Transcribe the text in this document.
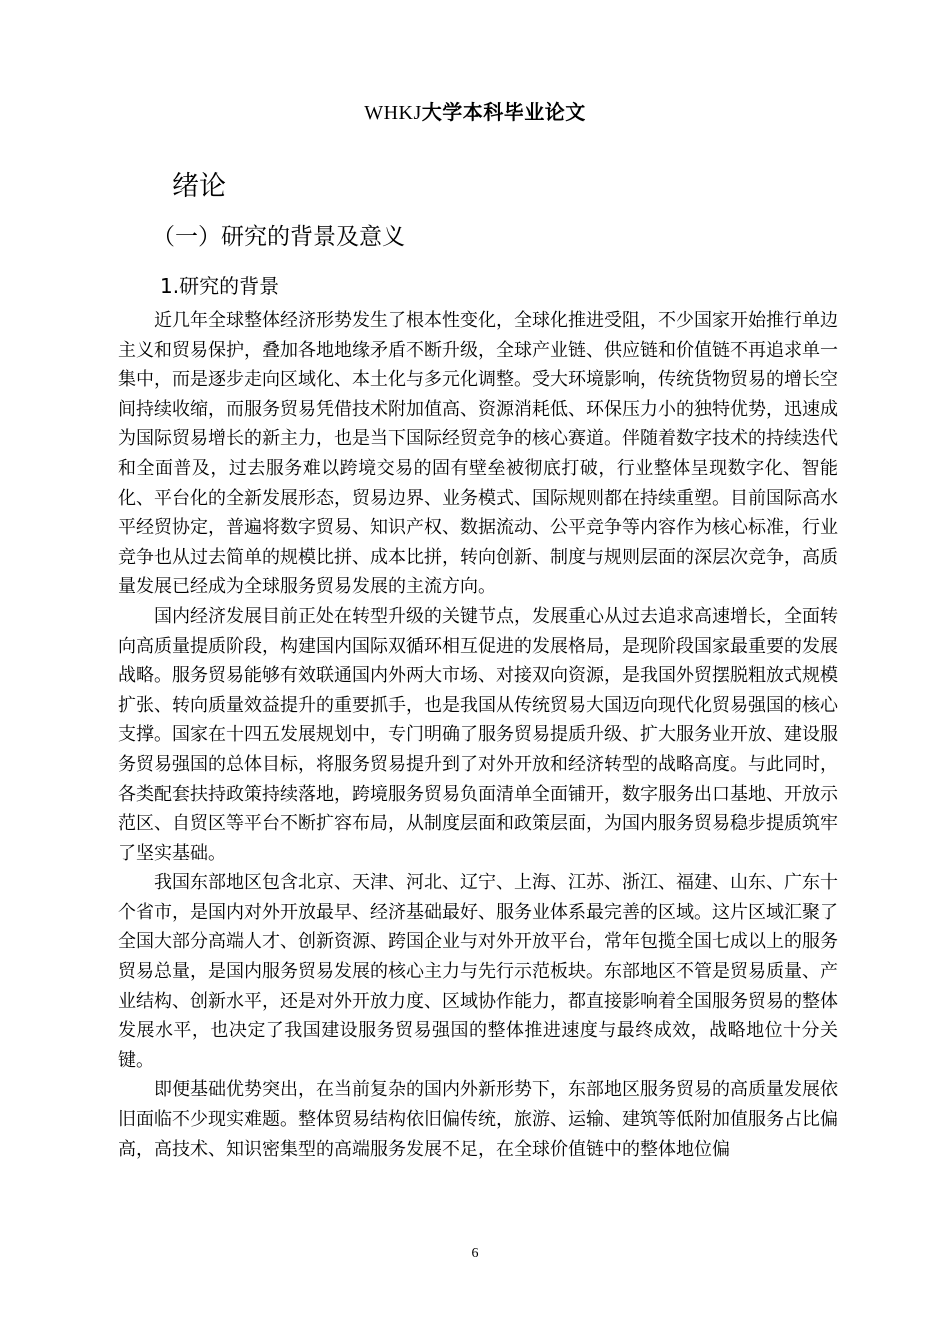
WHKJ大学本科毕业论文
绪论
（一）研究的背景及意义
1.研究的背景

近几年全球整体经济形势发生了根本性变化，全球化推进受阻，不少国家开始推行单边主义和贸易保护，叠加各地地缘矛盾不断升级，全球产业链、供应链和价值链不再追求单一集中，而是逐步走向区域化、本土化与多元化调整。受大环境影响，传统货物贸易的增长空间持续收缩，而服务贸易凭借技术附加值高、资源消耗低、环保压力小的独特优势，迅速成为国际贸易增长的新主力，也是当下国际经贸竞争的核心赛道。伴随着数字技术的持续迭代和全面普及，过去服务难以跨境交易的固有壁垒被彻底打破，行业整体呈现数字化、智能化、平台化的全新发展形态，贸易边界、业务模式、国际规则都在持续重塑。目前国际高水平经贸协定，普遍将数字贸易、知识产权、数据流动、公平竞争等内容作为核心标准，行业竞争也从过去简单的规模比拼、成本比拼，转向创新、制度与规则层面的深层次竞争，高质量发展已经成为全球服务贸易发展的主流方向。

国内经济发展目前正处在转型升级的关键节点，发展重心从过去追求高速增长，全面转向高质量提质阶段，构建国内国际双循环相互促进的发展格局，是现阶段国家最重要的发展战略。服务贸易能够有效联通国内外两大市场、对接双向资源，是我国外贸摆脱粗放式规模扩张、转向质量效益提升的重要抓手，也是我国从传统贸易大国迈向现代化贸易强国的核心支撑。国家在十四五发展规划中，专门明确了服务贸易提质升级、扩大服务业开放、建设服务贸易强国的总体目标，将服务贸易提升到了对外开放和经济转型的战略高度。与此同时，各类配套扶持政策持续落地，跨境服务贸易负面清单全面铺开，数字服务出口基地、开放示范区、自贸区等平台不断扩容布局，从制度层面和政策层面，为国内服务贸易稳步提质筑牢了坚实基础。

我国东部地区包含北京、天津、河北、辽宁、上海、江苏、浙江、福建、山东、广东十个省市，是国内对外开放最早、经济基础最好、服务业体系最完善的区域。这片区域汇聚了全国大部分高端人才、创新资源、跨国企业与对外开放平台，常年包揽全国七成以上的服务贸易总量，是国内服务贸易发展的核心主力与先行示范板块。东部地区不管是贸易质量、产业结构、创新水平，还是对外开放力度、区域协作能力，都直接影响着全国服务贸易的整体发展水平，也决定了我国建设服务贸易强国的整体推进速度与最终成效，战略地位十分关键。

即便基础优势突出，在当前复杂的国内外新形势下，东部地区服务贸易的高质量发展依旧面临不少现实难题。整体贸易结构依旧偏传统，旅游、运输、建筑等低附加值服务占比偏高，高技术、知识密集型的高端服务发展不足，在全球价值链中的整体地位偏

6
